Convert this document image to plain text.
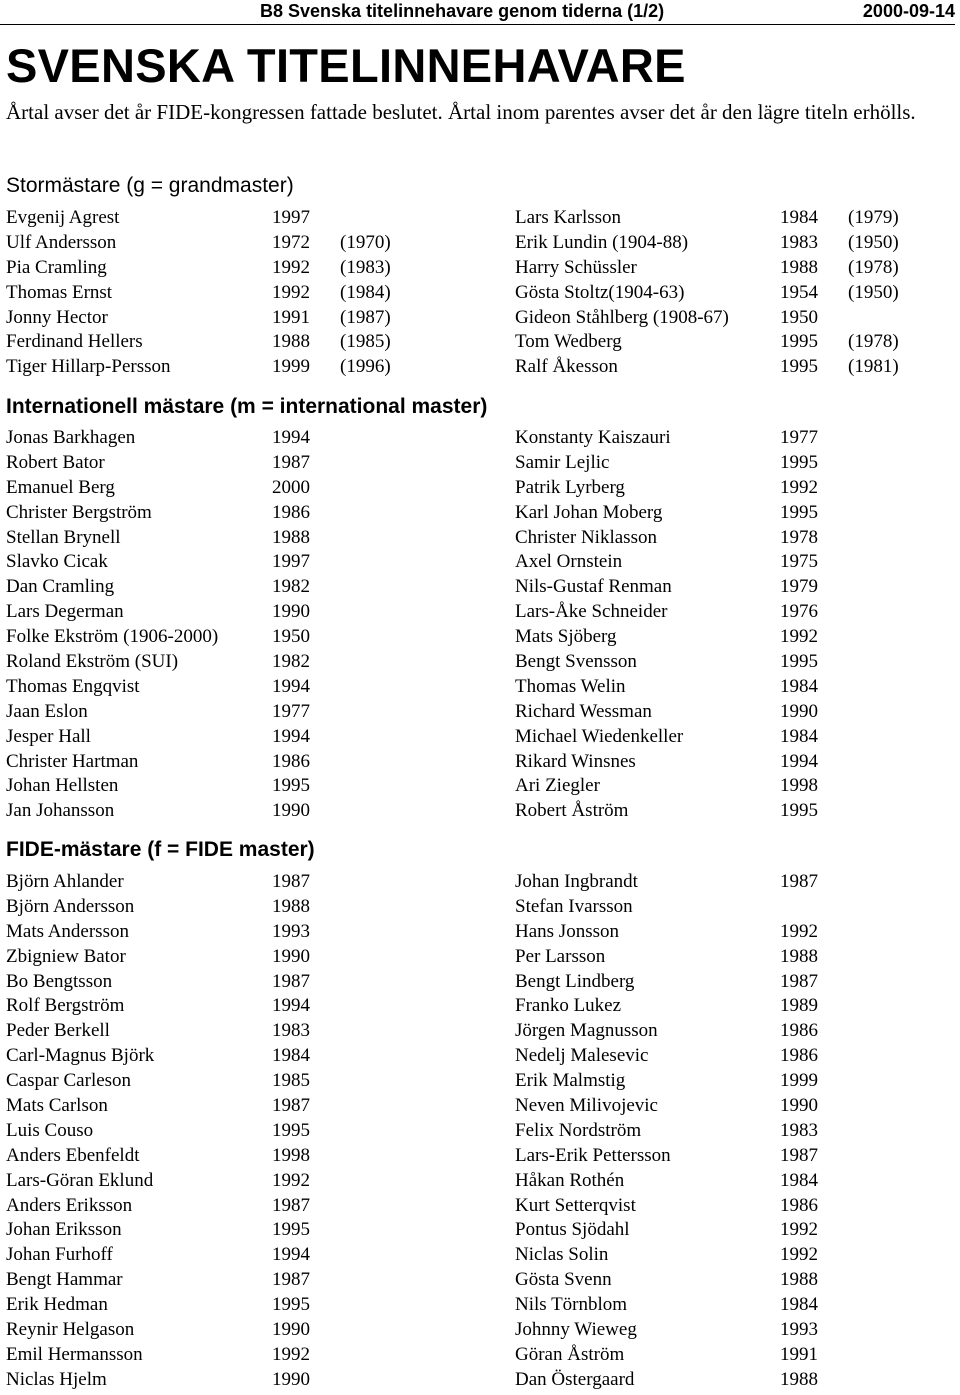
B8 Svenska titelinnehavare genom tiderna (1/2)	2000-09-14
SVENSKA TITELINNEHAVARE

Årtal avser det år FIDE-kongressen fattade beslutet. Årtal inom parentes avser det år den lägre titeln erhölls.

Stormästare (g = grandmaster)
Evgenij Agrest	1997	Lars Karlsson	1984 (1979)
Ulf Andersson	1972 (1970)	Erik Lundin (1904-88)	1983 (1950)
Pia Cramling	1992 (1983)	Harry Schüssler	1988 (1978)
Thomas Ernst	1992 (1984)	Gösta Stoltz(1904-63)	1954 (1950)
Jonny Hector	1991 (1987)	Gideon Ståhlberg (1908-67)	1950
Ferdinand Hellers	1988 (1985)	Tom Wedberg	1995 (1978)
Tiger Hillarp-Persson	1999 (1996)	Ralf Åkesson	1995 (1981)
Internationell mästare (m = international master)
Jonas Barkhagen	1994	Konstanty Kaiszauri	1977
Robert Bator	1987	Samir Lejlic	1995
Emanuel Berg	2000	Patrik Lyrberg	1992
Christer Bergström	1986	Karl Johan Moberg	1995
Stellan Brynell	1988	Christer Niklasson	1978
Slavko Cicak	1997	Axel Ornstein	1975
Dan Cramling	1982	Nils-Gustaf Renman	1979
Lars Degerman	1990	Lars-Åke Schneider	1976
Folke Ekström (1906-2000)	1950	Mats Sjöberg	1992
Roland Ekström (SUI)	1982	Bengt Svensson	1995
Thomas Engqvist	1994	Thomas Welin	1984
Jaan Eslon	1977	Richard Wessman	1990
Jesper Hall	1994	Michael Wiedenkeller	1984
Christer Hartman	1986	Rikard Winsnes	1994
Johan Hellsten	1995	Ari Ziegler	1998
Jan Johansson	1990	Robert Åström	1995
FIDE-mästare (f = FIDE master)
Björn Ahlander	1987	Johan Ingbrandt	1987
Björn Andersson	1988	Stefan Ivarsson
Mats Andersson	1993	Hans Jonsson	1992
Zbigniew Bator	1990	Per Larsson	1988
Bo Bengtsson	1987	Bengt Lindberg	1987
Rolf Bergström	1994	Franko Lukez	1989
Peder Berkell	1983	Jörgen Magnusson	1986
Carl-Magnus Björk	1984	Nedelj Malesevic	1986
Caspar Carleson	1985	Erik Malmstig	1999
Mats Carlson	1987	Neven Milivojevic	1990
Luis Couso	1995	Felix Nordström	1983
Anders Ebenfeldt	1998	Lars-Erik Pettersson	1987
Lars-Göran Eklund	1992	Håkan Rothén	1984
Anders Eriksson	1987	Kurt Setterqvist	1986
Johan Eriksson	1995	Pontus Sjödahl	1992
Johan Furhoff	1994	Niclas Solin	1992
Bengt Hammar	1987	Gösta Svenn	1988
Erik Hedman	1995	Nils Törnblom	1984
Reynir Helgason	1990	Johnny Wieweg	1993
Emil Hermansson	1992	Göran Åström	1991
Niclas Hjelm	1990	Dan Östergaard	1988
